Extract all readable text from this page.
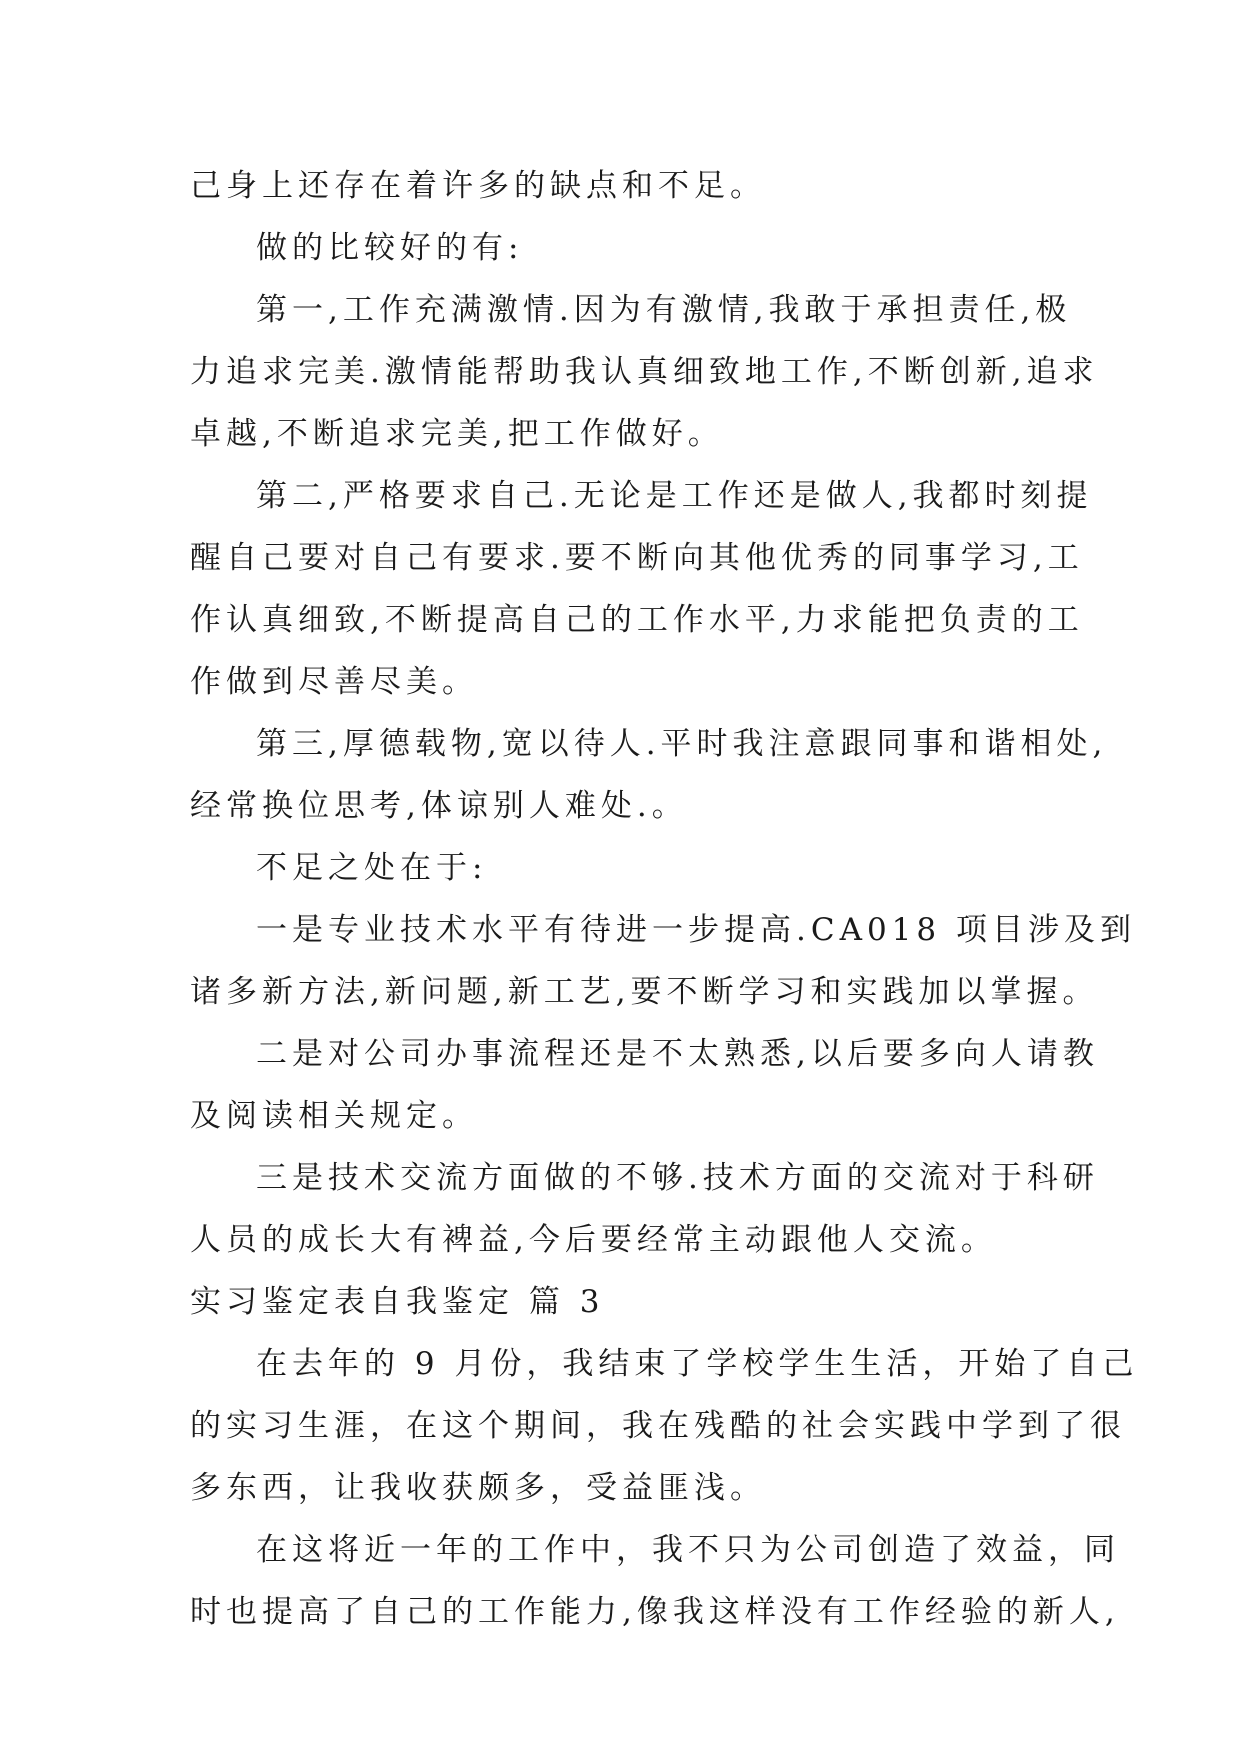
己身上还存在着许多的缺点和不足。
做的比较好的有:
第一,工作充满激情.因为有激情,我敢于承担责任,极
力追求完美.激情能帮助我认真细致地工作,不断创新,追求
卓越,不断追求完美,把工作做好。
第二,严格要求自己.无论是工作还是做人,我都时刻提
醒自己要对自己有要求.要不断向其他优秀的同事学习,工
作认真细致,不断提高自己的工作水平,力求能把负责的工
作做到尽善尽美。
第三,厚德载物,宽以待人.平时我注意跟同事和谐相处,
经常换位思考,体谅别人难处.。
不足之处在于:
一是专业技术水平有待进一步提高.CA018 项目涉及到
诸多新方法,新问题,新工艺,要不断学习和实践加以掌握。
二是对公司办事流程还是不太熟悉,以后要多向人请教
及阅读相关规定。
三是技术交流方面做的不够.技术方面的交流对于科研
人员的成长大有裨益,今后要经常主动跟他人交流。
实习鉴定表自我鉴定 篇 3
在去年的 9 月份，我结束了学校学生生活，开始了自己
的实习生涯，在这个期间，我在残酷的社会实践中学到了很
多东西，让我收获颇多，受益匪浅。
在这将近一年的工作中，我不只为公司创造了效益，同
时也提高了自己的工作能力,像我这样没有工作经验的新人,
